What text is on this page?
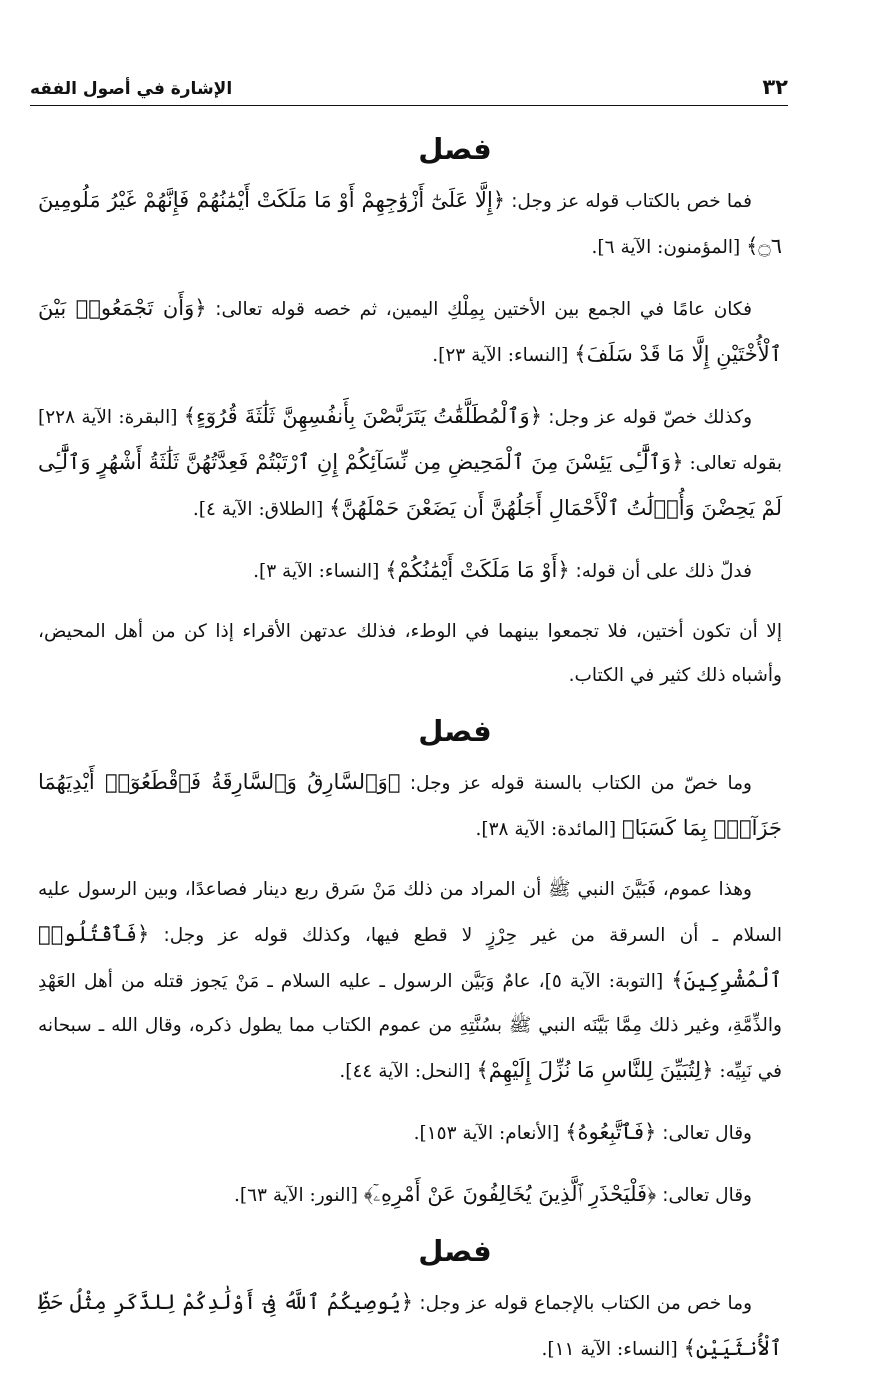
٣٢
الإشارة في أصول الفقه
فصل

فما خص بالكتاب قوله عز وجل: ﴿إِلَّا عَلَىٰٓ أَزْوَٰجِهِمْ أَوْ مَا مَلَكَتْ أَيْمَٰنُهُمْ فَإِنَّهُمْ غَيْرُ مَلُومِينَ ۝٦﴾ [المؤمنون: الآية ٦].

فكان عامًا في الجمع بين الأختين بِمِلْكِ اليمين، ثم خصه قوله تعالى: ﴿وَأَن تَجْمَعُوا۟ بَيْنَ ٱلْأُخْتَيْنِ إِلَّا مَا قَدْ سَلَفَ﴾ [النساء: الآية ٢٣].

وكذلك خصّ قوله عز وجل: ﴿وَٱلْمُطَلَّقَٰتُ يَتَرَبَّصْنَ بِأَنفُسِهِنَّ ثَلَٰثَةَ قُرُوٓءٍ﴾ [البقرة: الآية ٢٢٨] بقوله تعالى: ﴿وَٱلَّٰٓـِٔى يَئِسْنَ مِنَ ٱلْمَحِيضِ مِن نِّسَآئِكُمْ إِنِ ٱرْتَبْتُمْ فَعِدَّتُهُنَّ ثَلَٰثَةُ أَشْهُرٍ وَٱلَّٰٓـِٔى لَمْ يَحِضْنَ وَأُو۟لَٰتُ ٱلْأَحْمَالِ أَجَلُهُنَّ أَن يَضَعْنَ حَمْلَهُنَّ﴾ [الطلاق: الآية ٤].

فدلّ ذلك على أن قوله: ﴿أَوْ مَا مَلَكَتْ أَيْمَٰنُكُمْ﴾ [النساء: الآية ٣].

إلا أن تكون أختين، فلا تجمعوا بينهما في الوطء، فذلك عدتهن الأقراء إذا كن من أهل المحيض، وأشباه ذلك كثير في الكتاب.

فصل

وما خصّ من الكتاب بالسنة قوله عز وجل: ﴿وَٱلسَّارِقُ وَٱلسَّارِقَةُ فَٱقْطَعُوٓا۟ أَيْدِيَهُمَا جَزَآءًۢ بِمَا كَسَبَا﴾ [المائدة: الآية ٣٨].

وهذا عموم، فَبَيَّنَ النبي ﷺ أن المراد من ذلك مَنْ سَرق ربع دينار فصاعدًا، وبين الرسول عليه السلام ـ أن السرقة من غير حِرْزٍ لا قطع فيها، وكذلك قوله عز وجل: ﴿فَٱقْتُلُوا۟ ٱلْمُشْرِكِينَ﴾ [التوبة: الآية ٥]، عامٌ وَبَيَّن الرسول ـ عليه السلام ـ مَنْ يَجوز قتله من أهل العَهْدِ والذِّمَّةِ، وغير ذلك مِمَّا بَيَّنَه النبي ﷺ بسُنَّتِهِ من عموم الكتاب مما يطول ذكره، وقال الله ـ سبحانه في نَبِيِّه: ﴿لِتُبَيِّنَ لِلنَّاسِ مَا نُزِّلَ إِلَيْهِمْ﴾ [النحل: الآية ٤٤].

وقال تعالى: ﴿فَٱتَّبِعُوهُ﴾ [الأنعام: الآية ١٥٣].

وقال تعالى: ﴿فَلْيَحْذَرِ ٱلَّذِينَ يُخَالِفُونَ عَنْ أَمْرِهِۦٓ﴾ [النور: الآية ٦٣].

فصل

وما خص من الكتاب بالإجماع قوله عز وجل: ﴿يُوصِيكُمُ ٱللَّهُ فِىٓ أَوْلَٰدِكُمْ لِلذَّكَرِ مِثْلُ حَظِّ ٱلْأُنثَيَيْنِ﴾ [النساء: الآية ١١].
